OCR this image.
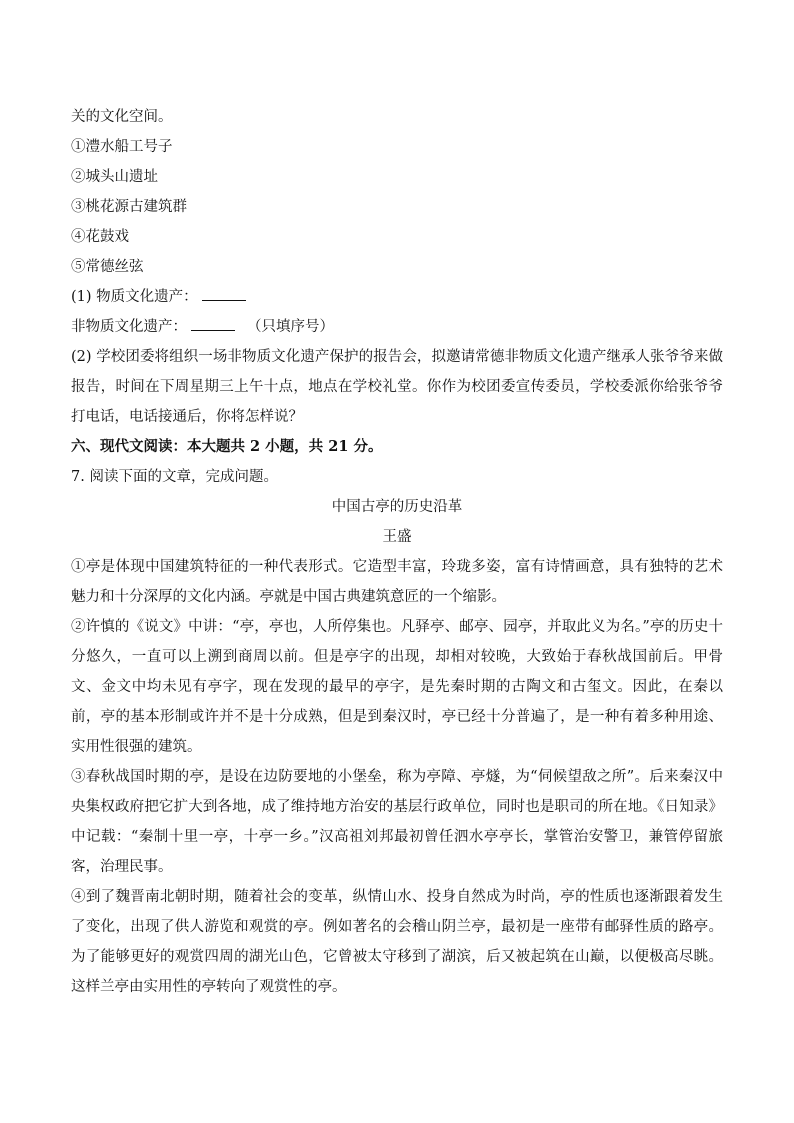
关的文化空间。

①澧水船工号子

②城头山遗址

③桃花源古建筑群

④花鼓戏

⑤常德丝弦

(1) 物质文化遗产：

非物质文化遗产：	（只填序号）

(2) 学校团委将组织一场非物质文化遗产保护的报告会，拟邀请常德非物质文化遗产继承人张爷爷来做报告，时间在下周星期三上午十点，地点在学校礼堂。你作为校团委宣传委员，学校委派你给张爷爷打电话，电话接通后，你将怎样说？

六、现代文阅读：本大题共 2 小题，共 21 分。

7. 阅读下面的文章，完成问题。

中国古亭的历史沿革

王盛

①亭是体现中国建筑特征的一种代表形式。它造型丰富，玲珑多姿，富有诗情画意，具有独特的艺术魅力和十分深厚的文化内涵。亭就是中国古典建筑意匠的一个缩影。

②许慎的《说文》中讲：“亭，亭也，人所停集也。凡驿亭、邮亭、园亭，并取此义为名。”亭的历史十分悠久，一直可以上溯到商周以前。但是亭字的出现，却相对较晚，大致始于春秋战国前后。甲骨文、金文中均未见有亭字，现在发现的最早的亭字，是先秦时期的古陶文和古玺文。因此，在秦以前，亭的基本形制或许并不是十分成熟，但是到秦汉时，亭已经十分普遍了，是一种有着多种用途、实用性很强的建筑。

③春秋战国时期的亭，是设在边防要地的小堡垒，称为亭障、亭燧，为“伺候望敌之所”。后来秦汉中央集权政府把它扩大到各地，成了维持地方治安的基层行政单位，同时也是职司的所在地。《日知录》中记载：“秦制十里一亭，十亭一乡。”汉高祖刘邦最初曾任泗水亭亭长，掌管治安警卫，兼管停留旅客，治理民事。

④到了魏晋南北朝时期，随着社会的变革，纵情山水、投身自然成为时尚，亭的性质也逐渐跟着发生了变化，出现了供人游览和观赏的亭。例如著名的会稽山阴兰亭，最初是一座带有邮驿性质的路亭。为了能够更好的观赏四周的湖光山色，它曾被太守移到了湖滨，后又被起筑在山巅，以便极高尽眺。这样兰亭由实用性的亭转向了观赏性的亭。
